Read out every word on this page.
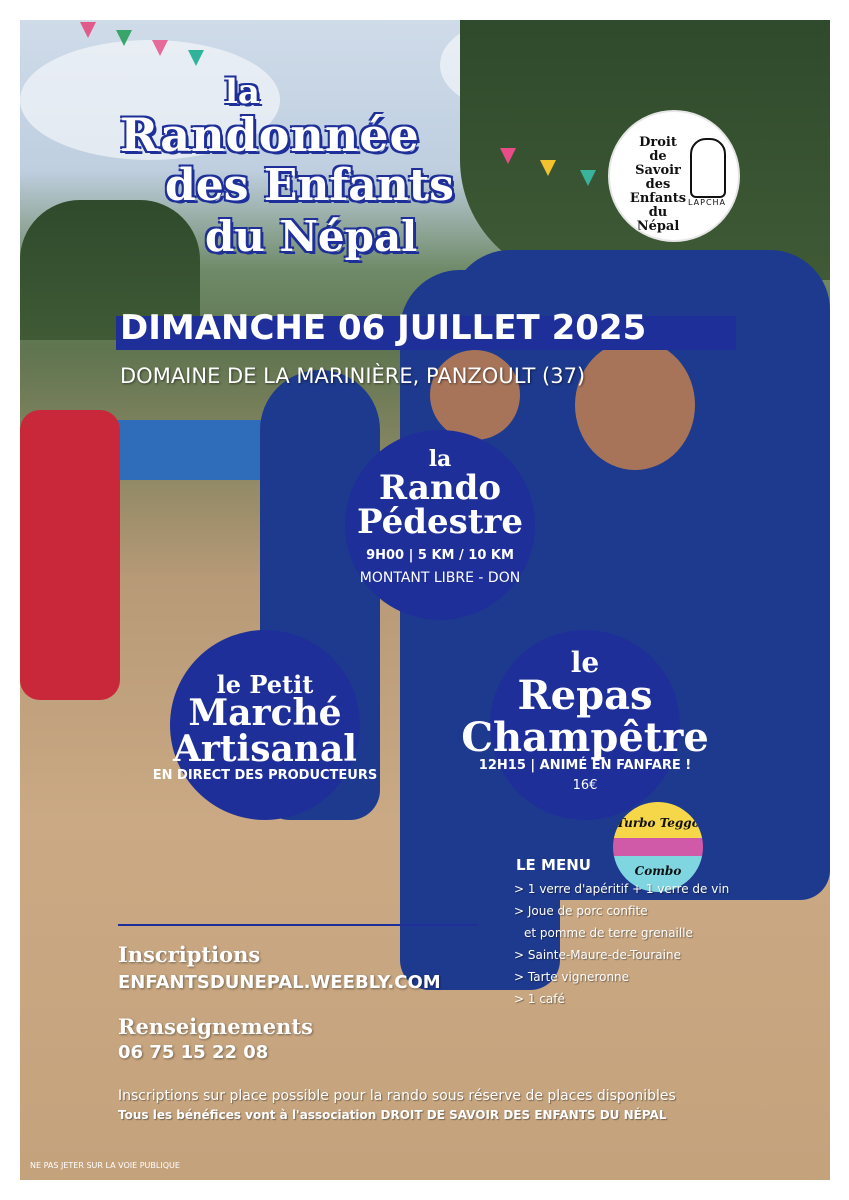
la
Randonnée
des Enfants
du Népal
Droit
de
Savoir
des
Enfants
du
Népal
LAPCHA
DIMANCHE 06 JUILLET 2025
DOMAINE DE LA MARINIÈRE, PANZOULT (37)
la
Rando
Pédestre
9H00 | 5 KM / 10 KM
MONTANT LIBRE - DON
le Petit
Marché
Artisanal
EN DIRECT DES PRODUCTEURS
le
Repas
Champêtre
12H15 | ANIMÉ EN FANFARE !
16€
Turbo Teggo
Combo
LE MENU
> 1 verre d'apéritif + 1 verre de vin
> Joue de porc confite
et pomme de terre grenaille
> Sainte-Maure-de-Touraine
> Tarte vigneronne
> 1 café
Inscriptions
ENFANTSDUNEPAL.WEEBLY.COM
Renseignements
06 75 15 22 08
Inscriptions sur place possible pour la rando sous réserve de places disponibles
Tous les bénéfices vont à l'association DROIT DE SAVOIR DES ENFANTS DU NÉPAL
NE PAS JETER SUR LA VOIE PUBLIQUE
